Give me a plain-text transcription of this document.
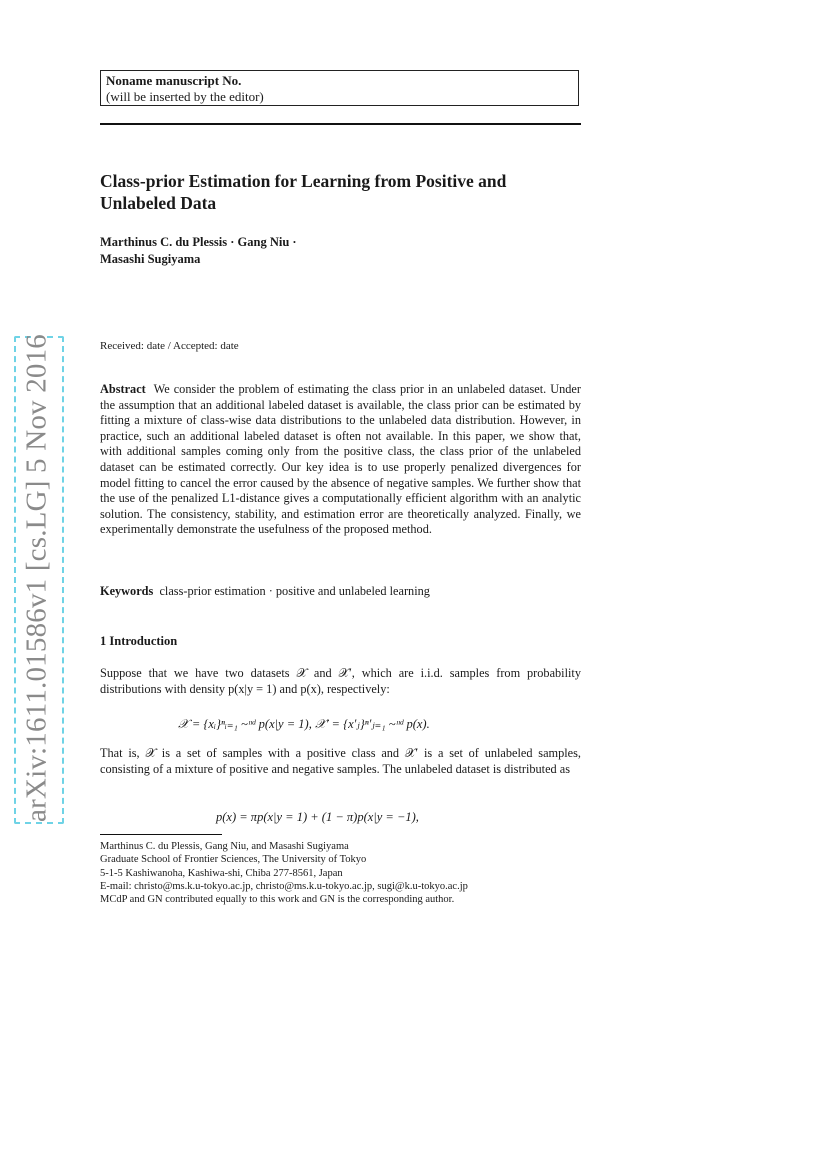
arXiv:1611.01586v1 [cs.LG] 5 Nov 2016
Noname manuscript No.
(will be inserted by the editor)
Class-prior Estimation for Learning from Positive and Unlabeled Data
Marthinus C. du Plessis · Gang Niu ·
Masashi Sugiyama
Received: date / Accepted: date
Abstract We consider the problem of estimating the class prior in an unlabeled dataset. Under the assumption that an additional labeled dataset is available, the class prior can be estimated by fitting a mixture of class-wise data distributions to the unlabeled data distribution. However, in practice, such an additional labeled dataset is often not available. In this paper, we show that, with additional samples coming only from the positive class, the class prior of the unlabeled dataset can be estimated correctly. Our key idea is to use properly penalized divergences for model fitting to cancel the error caused by the absence of negative samples. We further show that the use of the penalized L1-distance gives a computationally efficient algorithm with an analytic solution. The consistency, stability, and estimation error are theoretically analyzed. Finally, we experimentally demonstrate the usefulness of the proposed method.
Keywords class-prior estimation · positive and unlabeled learning
1 Introduction
Suppose that we have two datasets 𝒳 and 𝒳′, which are i.i.d. samples from probability distributions with density p(x|y = 1) and p(x), respectively:
𝒳 = {xᵢ}ⁿᵢ₌₁ ~ᶦᶦᵈ p(x|y = 1), 𝒳′ = {x′ⱼ}ⁿ′ⱼ₌₁ ~ᶦᶦᵈ p(x).
That is, 𝒳 is a set of samples with a positive class and 𝒳′ is a set of unlabeled samples, consisting of a mixture of positive and negative samples. The unlabeled dataset is distributed as
p(x) = πp(x|y = 1) + (1 − π)p(x|y = −1),
Marthinus C. du Plessis, Gang Niu, and Masashi Sugiyama
Graduate School of Frontier Sciences, The University of Tokyo
5-1-5 Kashiwanoha, Kashiwa-shi, Chiba 277-8561, Japan
E-mail: christo@ms.k.u-tokyo.ac.jp, christo@ms.k.u-tokyo.ac.jp, sugi@k.u-tokyo.ac.jp
MCdP and GN contributed equally to this work and GN is the corresponding author.
